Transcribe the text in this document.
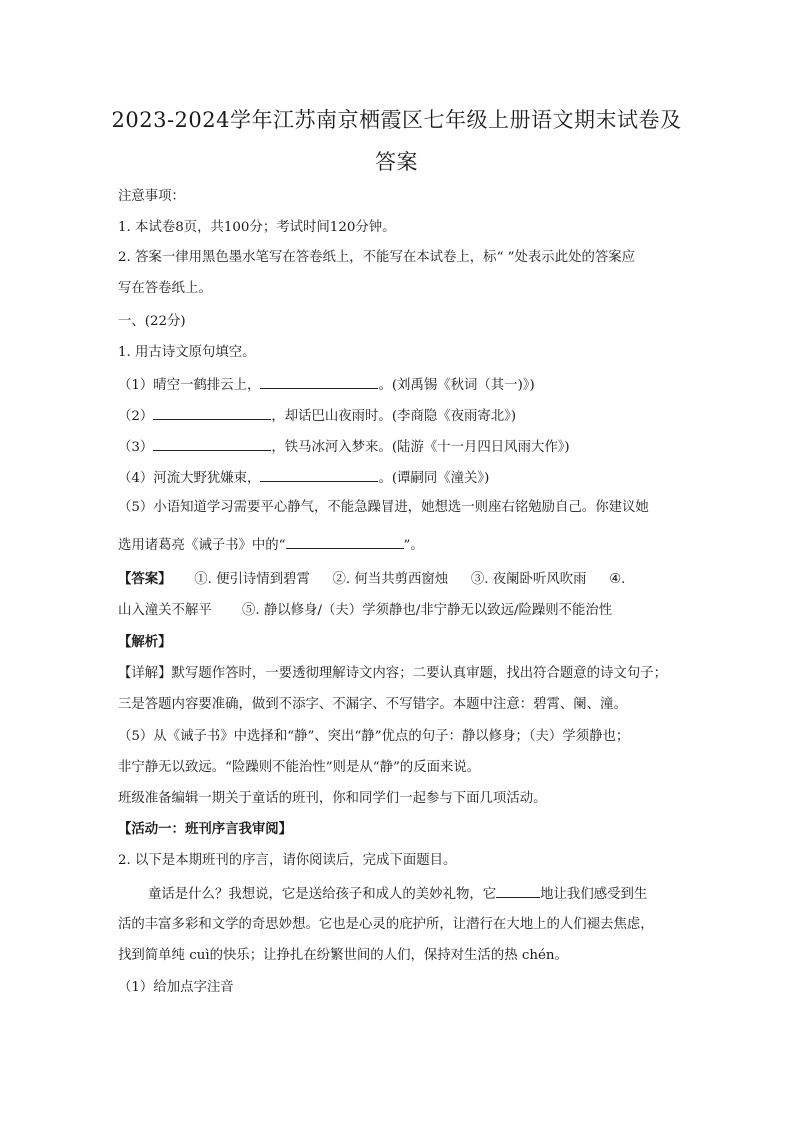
2023-2024学年江苏南京栖霞区七年级上册语文期末试卷及
答案
注意事项：
1. 本试卷8页，共100分；考试时间120分钟。
2. 答案一律用黑色墨水笔写在答卷纸上，不能写在本试卷上，标“ ”处表示此处的答案应
写在答卷纸上。
一、(22分)
1. 用古诗文原句填空。
（1）晴空一鹤排云上，	。(刘禹锡《秋词（其一)》)
（2）	，却话巴山夜雨时。(李商隐《夜雨寄北》)
（3）	，铁马冰河入梦来。(陆游《十一月四日风雨大作》)
（4）河流大野犹嫌束，	。(谭嗣同《潼关》)
（5）小语知道学习需要平心静气，不能急躁冒进，她想选一则座右铭勉励自己。你建议她
选用诸葛亮《诫子书》中的“	”。
【答案】 ①. 便引诗情到碧霄 ②. 何当共剪西窗烛 ③. 夜阑卧听风吹雨 ④.
山入潼关不解平 ⑤. 静以修身/（夫）学须静也/非宁静无以致远/险躁则不能治性
【解析】
【详解】默写题作答时，一要透彻理解诗文内容；二要认真审题，找出符合题意的诗文句子；
三是答题内容要准确，做到不添字、不漏字、不写错字。本题中注意：碧霄、阑、潼。
（5）从《诫子书》中选择和“静”、突出“静”优点的句子：静以修身；（夫）学须静也；
非宁静无以致远。“险躁则不能治性”则是从“静”的反面来说。
班级准备编辑一期关于童话的班刊，你和同学们一起参与下面几项活动。
【活动一：班刊序言我审阅】
2. 以下是本期班刊的序言，请你阅读后，完成下面题目。
童话是什么？我想说，它是送给孩子和成人的美妙礼物，它	地让我们感受到生
活的丰富多彩和文学的奇思妙想。它也是心灵的庇护所，让潜行在大地上的人们褪去焦虑，
找到简单纯 cuì的快乐；让挣扎在纷繁世间的人们，保持对生活的热 chén。
（1）给加点字注音
